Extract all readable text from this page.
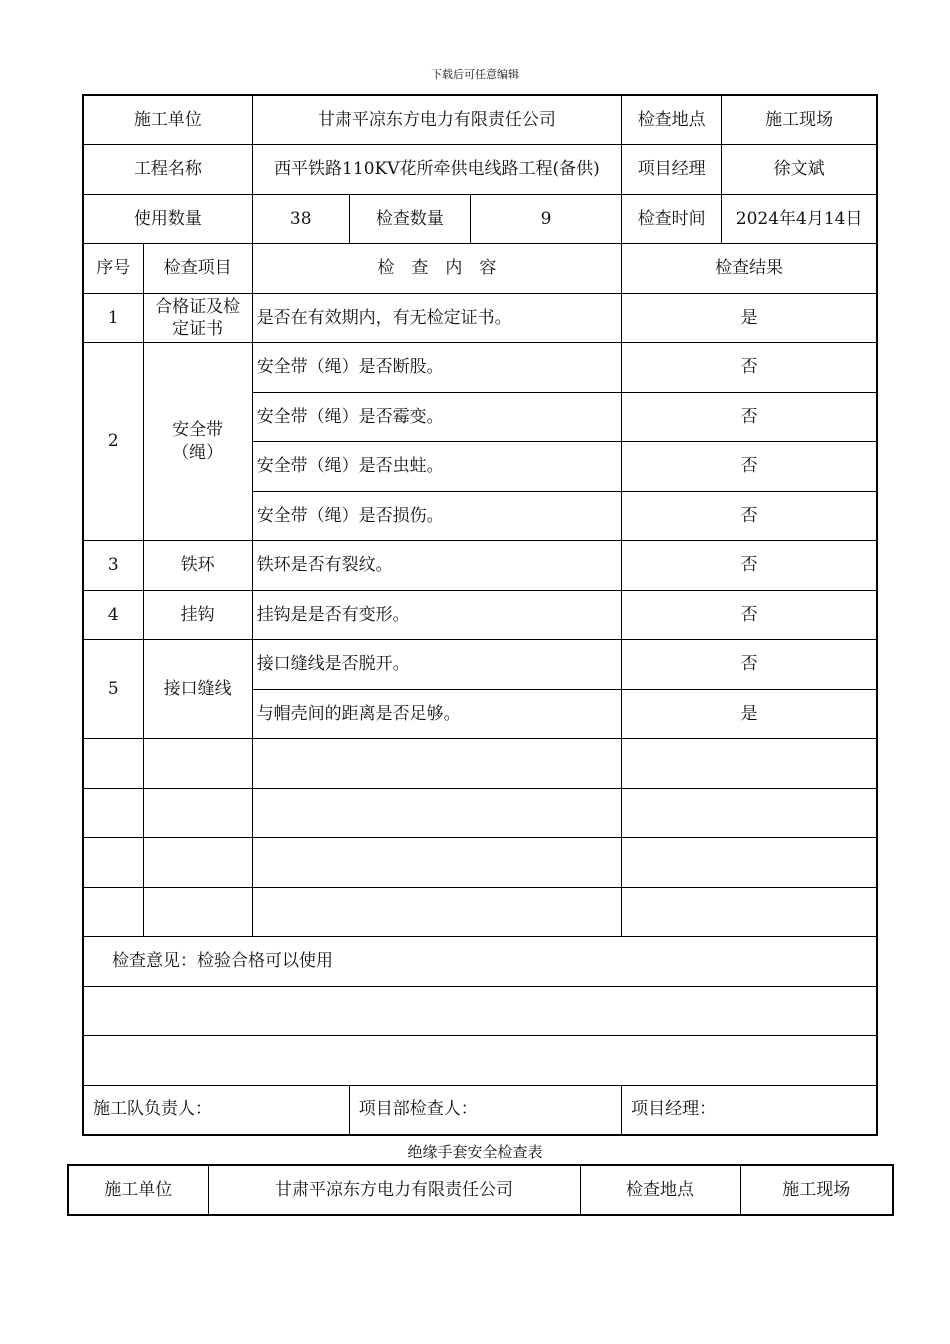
下载后可任意编辑
施工单位		甘肃平凉东方电力有限责任公司			检查地点	施工现场
工程名称		西平铁路110KV花所牵供电线路工程(备供)			项目经理	徐文斌
使用数量		38	检查数量	9	检查时间	2024年4月14日
序号	检查项目	检　查　内　容			检查结果	
1	合格证及检定证书	是否在有效期内，有无检定证书。			是	
2	安全带（绳）	安全带（绳）是否断股。			否	
		安全带（绳）是否霉变。			否	
		安全带（绳）是否虫蛀。			否	
		安全带（绳）是否损伤。			否	
3	铁环	铁环是否有裂纹。			否	
4	挂钩	挂钩是是否有变形。			否	
5	接口缝线	接口缝线是否脱开。			否	
		与帽壳间的距离是否足够。			是	

检查意见：检验合格可以使用						

施工队负责人：			项目部检查人：		项目经理：	
绝缘手套安全检查表
施工单位	甘肃平凉东方电力有限责任公司	检查地点	施工现场
